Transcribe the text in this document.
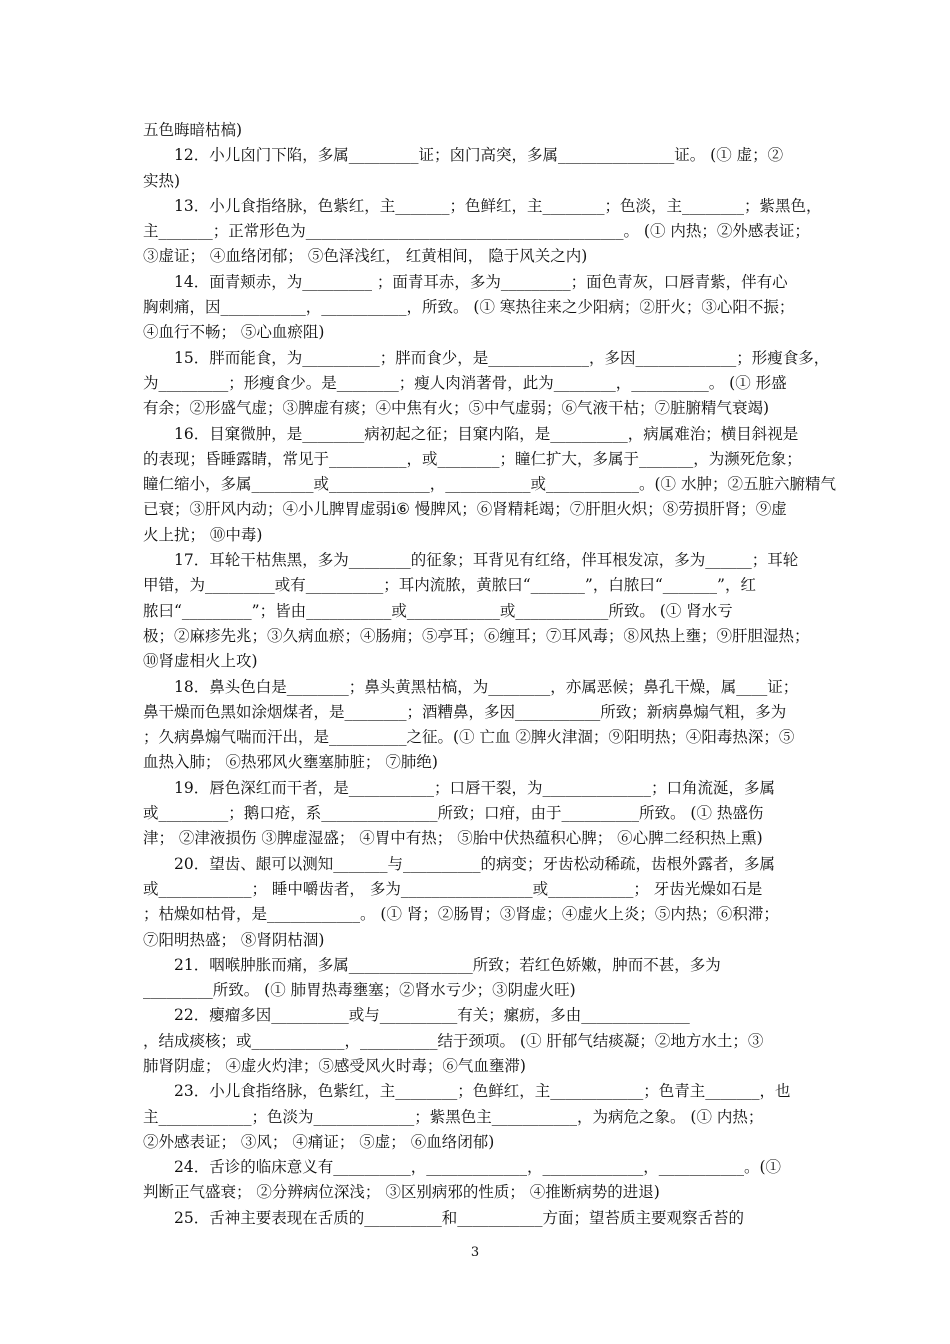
五色晦暗枯槁)
12．小儿囟门下陷，多属_________证；囟门高突，多属_______________证。 (① 虚；②
实热)
13．小儿食指络脉，色紫红，主_______；色鲜红，主________；色淡，主________；紫黑色，
主_______；正常形色为_________________________________________。 (① 内热；②外感表证；
③虚证； ④血络闭郁； ⑤色泽浅红， 红黄相间， 隐于风关之内)
14．面青颊赤，为_________ ；面青耳赤，多为_________；面色青灰，口唇青紫，伴有心
胸刺痛，因___________，___________，所致。 (① 寒热往来之少阳病；②肝火；③心阳不振；
④血行不畅； ⑤心血瘀阻)
15．胖而能食，为__________；胖而食少，是_____________，多因_____________；形瘦食多，
为_________；形瘦食少。是________；瘦人肉消著骨，此为________，__________。 (① 形盛
有余；②形盛气虚；③脾虚有痰；④中焦有火；⑤中气虚弱；⑥气液干枯；⑦脏腑精气衰竭)
16．目窠微肿，是________病初起之征；目窠内陷，是__________，病属难治；横目斜视是
的表现；昏睡露睛，常见于__________，或________；瞳仁扩大，多属于_______，为濒死危象；
瞳仁缩小，多属________或_____________，___________或____________。(① 水肿；②五脏六腑精气
已衰；③肝风内动；④小儿脾胃虚弱ⅰ⑥ 慢脾风；⑥肾精耗竭；⑦肝胆火炽；⑧劳损肝肾；⑨虚
火上扰； ⑩中毒)
17．耳轮干枯焦黑，多为________的征象；耳背见有红络，伴耳根发凉，多为______；耳轮
甲错，为_________或有__________；耳内流脓，黄脓曰“_______”，白脓曰“_______”，红
脓曰“_________”；皆由___________或____________或____________所致。 (① 肾水亏
极；②麻疹先兆；③久病血瘀；④肠痈；⑤亭耳；⑥缠耳；⑦耳风毒；⑧风热上壅；⑨肝胆湿热；
⑩肾虚相火上攻)
18．鼻头色白是________；鼻头黄黑枯槁，为________，亦属恶候；鼻孔干燥，属____证；
鼻干燥而色黑如涂烟煤者，是________；酒糟鼻，多因___________所致；新病鼻煽气粗，多为
；久病鼻煽气喘而汗出，是__________之征。(① 亡血 ②脾火津涸；⑨阳明热；④阳毒热深；⑤
血热入肺； ⑥热邪风火壅塞肺脏； ⑦肺绝)
19．唇色深红而干者，是___________；口唇干裂，为______________；口角流涎，多属
或_________；鹅口疮，系_______________所致；口疳，由于__________所致。 (① 热盛伤
津； ②津液损伤 ③脾虚湿盛； ④胃中有热； ⑤胎中伏热蕴积心脾； ⑥心脾二经积热上熏)
20．望齿、龈可以测知_______与__________的病变；牙齿松动稀疏，齿根外露者，多属
或____________； 睡中嚼齿者， 多为_________________或___________； 牙齿光燥如石是
；枯燥如枯骨，是____________。 (① 肾；②肠胃；③肾虚；④虚火上炎；⑤内热；⑥积滞；
⑦阳明热盛； ⑧肾阴枯涸)
21．咽喉肿胀而痛，多属________________所致；若红色娇嫩，肿而不甚，多为
_________所致。 (① 肺胃热毒壅塞；②肾水亏少；③阴虚火旺)
22．瘿瘤多因__________或与__________有关；瘰疬，多由______________
，结成痰核；或____________，__________结于颈项。 (① 肝郁气结痰凝；②地方水土；③
肺肾阴虚； ④虚火灼津；⑤感受风火时毒；⑥气血壅滞)
23．小儿食指络脉，色紫红，主________；色鲜红，主____________；色青主_______，也
主____________；色淡为_____________；紫黑色主___________，为病危之象。 (① 内热；
②外感表证； ③风； ④痛证； ⑤虚； ⑥血络闭郁)
24．舌诊的临床意义有__________，_____________，_____________，___________。(①
判断正气盛衰； ②分辨病位深浅； ③区别病邪的性质； ④推断病势的进退)
25．舌神主要表现在舌质的__________和___________方面；望苔质主要观察舌苔的
3
